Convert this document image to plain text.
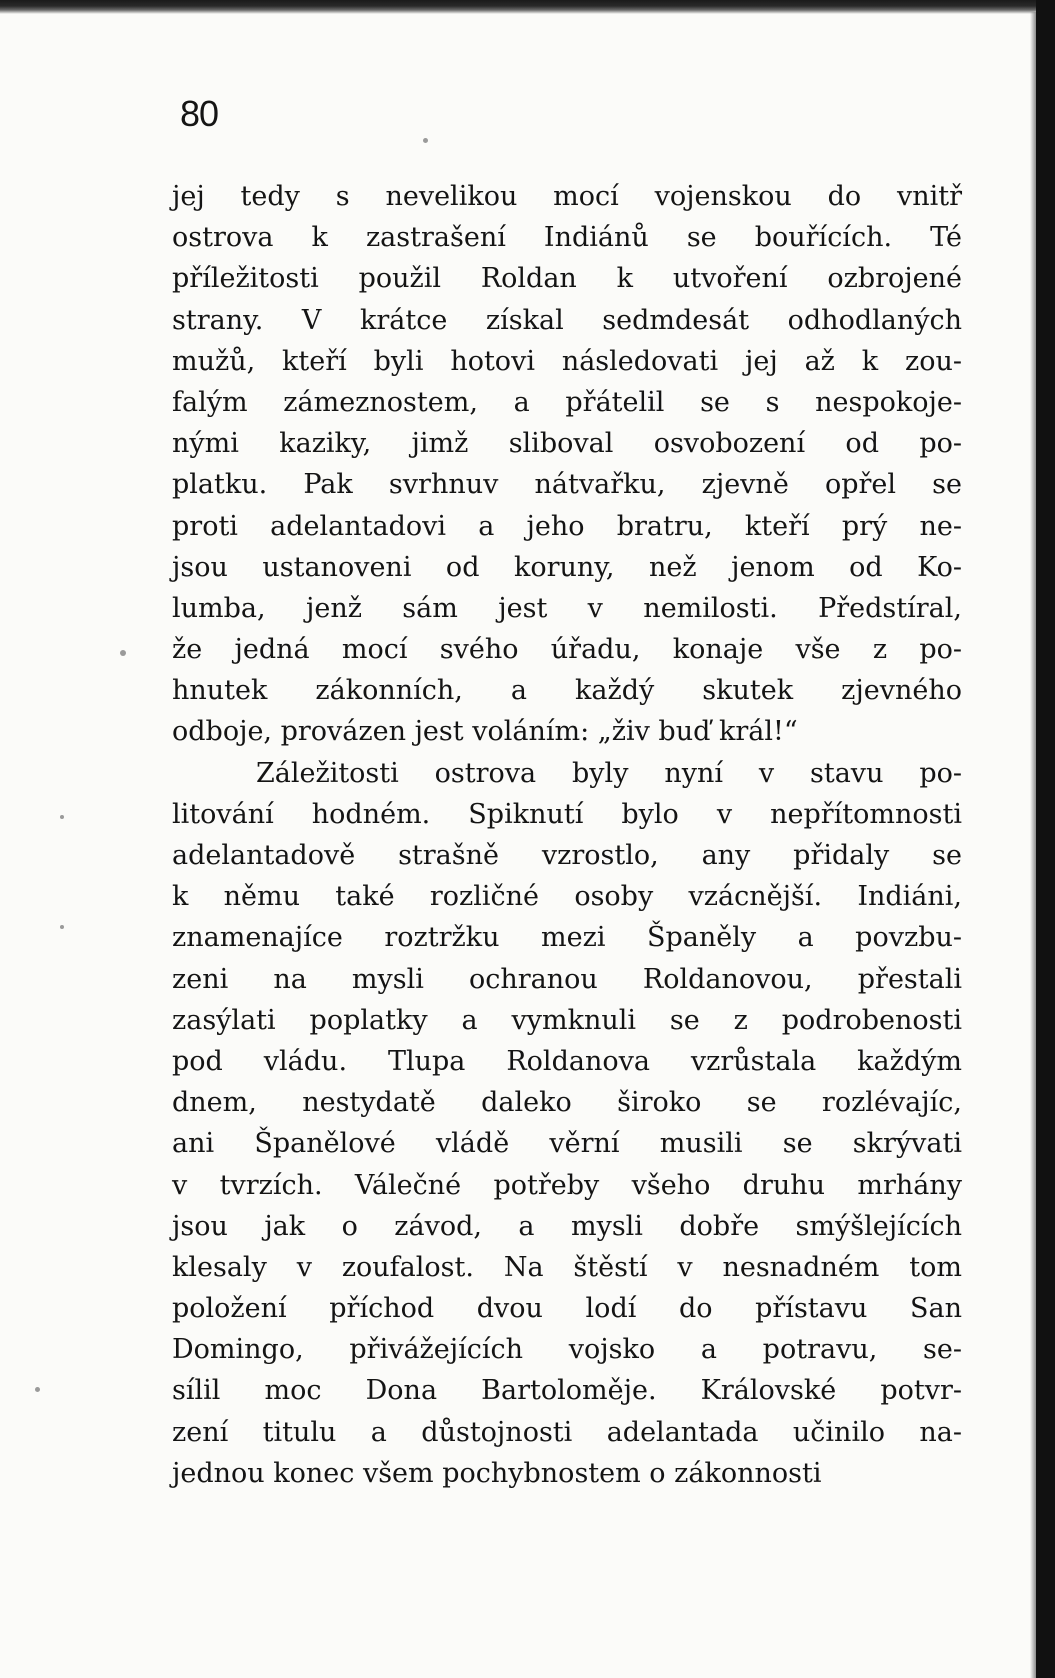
80
jej tedy s nevelikou mocí vojenskou do vnitř
ostrova k zastrašení Indiánů se bouřících. Té
příležitosti použil Roldan k utvoření ozbrojené
strany. V krátce získal sedmdesát odhodlaných
mužů, kteří byli hotovi následovati jej až k zou-
falým zámeznostem, a přátelil se s nespokoje-
nými kaziky, jimž sliboval osvobození od po-
platku. Pak svrhnuv nátvařku, zjevně opřel se
proti adelantadovi a jeho bratru, kteří prý ne-
jsou ustanoveni od koruny, než jenom od Ko-
lumba, jenž sám jest v nemilosti. Předstíral,
že jedná mocí svého úřadu, konaje vše z po-
hnutek zákonních, a každý skutek zjevného
odboje, provázen jest voláním: „živ buď král!“
Záležitosti ostrova byly nyní v stavu po-
litování hodném. Spiknutí bylo v nepřítomnosti
adelantadově strašně vzrostlo, any přidaly se
k němu také rozličné osoby vzácnější. Indiáni,
znamenajíce roztržku mezi Španěly a povzbu-
zeni na mysli ochranou Roldanovou, přestali
zasýlati poplatky a vymknuli se z podrobenosti
pod vládu. Tlupa Roldanova vzrůstala každým
dnem, nestydatě daleko široko se rozlévajíc,
ani Španělové vládě věrní musili se skrývati
v tvrzích. Válečné potřeby všeho druhu mrhány
jsou jak o závod, a mysli dobře smýšlejících
klesaly v zoufalost. Na štěstí v nesnadném tom
položení příchod dvou lodí do přístavu San
Domingo, přivážejících vojsko a potravu, se-
sílil moc Dona Bartoloměje. Královské potvr-
zení titulu a důstojnosti adelantada učinilo na-
jednou konec všem pochybnostem o zákonnosti
